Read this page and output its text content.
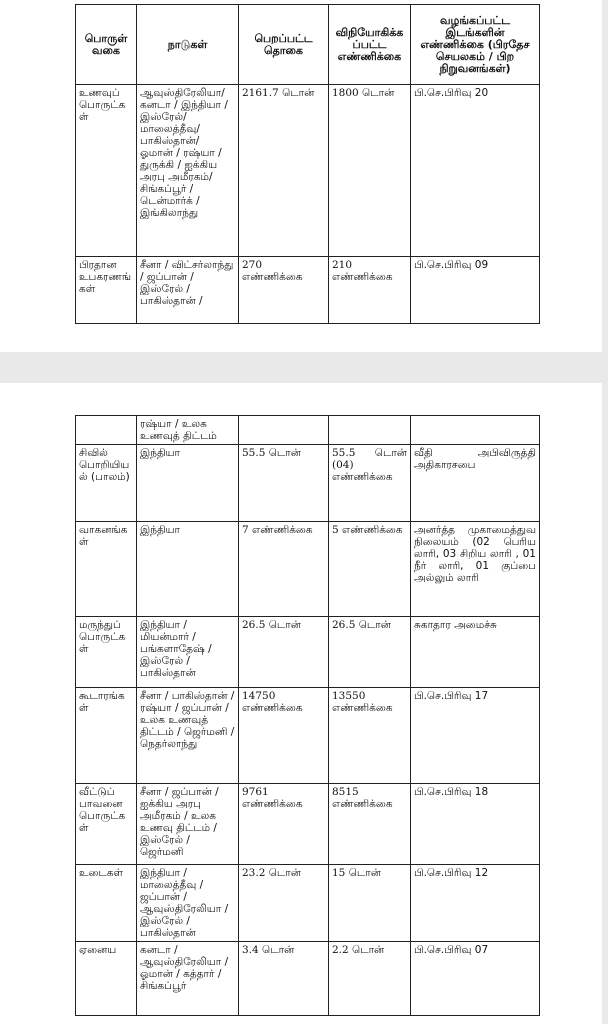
பொருள் வகை	நாடுகள்	பெறப்பட்ட தொகை	விநியோகிக்கப்பட்ட எண்ணிக்கை	வழங்கப்பட்ட இடங்களின் எண்ணிக்கை (பிரதேச செயலகம் / பிற நிறுவனங்கள்)
உணவுப் பொருட்கள்	ஆவுஸ்திரேலியா/ கனடா / இந்தியா / இஸ்ரேல்/ மாலைத்தீவு/ பாகிஸ்தான்/ ஓமான் / ரஷ்யா / துருக்கி / ஐக்கிய அரபு அமீரகம்/ சிங்கப்பூர் / டென்மார்க் / இங்கிலாந்து	2161.7 டொன்	1800 டொன்	பி.செ.பிரிவு 20
பிரதான உபகரணங்கள்	சீனா / விட்சர்லாந்து / ஜப்பான் / இஸ்ரேல் / பாகிஸ்தான் /	270 எண்ணிக்கை	210 எண்ணிக்கை	பி.செ.பிரிவு 09
	ரஷ்யா / உலக உணவுத் திட்டம்			
சிவில் பொறியியல் (பாலம்)	இந்தியா	55.5 டொன்	55.5 டொன் (04) எண்ணிக்கை	வீதி அபிவிருத்தி அதிகாரசபை
வாகனங்கள்	இந்தியா	7 எண்ணிக்கை	5 எண்ணிக்கை	அனர்த்த முகாமைத்துவ நிலையம் (02 பெரிய லாரி, 03 சிறிய லாரி , 01 நீர் லாரி, 01 குப்பை அல்லும் லாரி
மருந்துப் பொருட்கள்	இந்தியா / மியன்மார் / பங்களாதேஷ் / இஸ்ரேல் / பாகிஸ்தான்	26.5 டொன்	26.5 டொன்	சுகாதார அமைச்சு
கூடாரங்கள்	சீனா / பாகிஸ்தான் / ரஷ்யா / ஜப்பான் / உலக உணவுத் திட்டம் / ஜெர்மனி / நெதர்லாந்து	14750 எண்ணிக்கை	13550 எண்ணிக்கை	பி.செ.பிரிவு 17
வீட்டுப் பாவனை பொருட்கள்	சீனா / ஜப்பான் / ஐக்கிய அரபு அமீரகம் / உலக உணவு திட்டம் / இஸ்ரேல் / ஜெர்மனி	9761 எண்ணிக்கை	8515 எண்ணிக்கை	பி.செ.பிரிவு 18
உடைகள்	இந்தியா / மாலைத்தீவு / ஜப்பான் / ஆவுஸ்திரேலியா / இஸ்ரேல் / பாகிஸ்தான்	23.2 டொன்	15 டொன்	பி.செ.பிரிவு 12
ஏனைய	கனடா / ஆவுஸ்திரேலியா / ஓமான் / கத்தார் / சிங்கப்பூர்	3.4 டொன்	2.2 டொன்	பி.செ.பிரிவு 07
